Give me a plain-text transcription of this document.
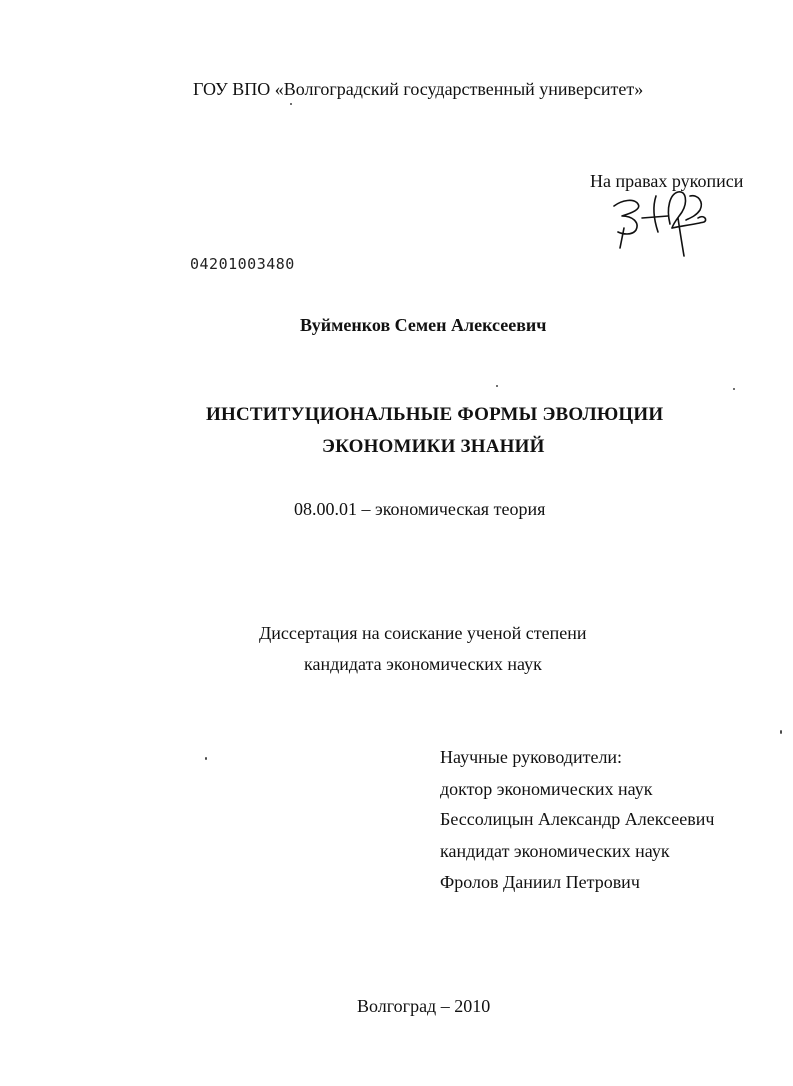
ГОУ ВПО «Волгоградский государственный университет»
На правах рукописи
04201003480
Вуйменков Семен Алексеевич
ИНСТИТУЦИОНАЛЬНЫЕ ФОРМЫ ЭВОЛЮЦИИ
ЭКОНОМИКИ ЗНАНИЙ
08.00.01 – экономическая теория
Диссертация на соискание ученой степени
кандидата экономических наук
Научные руководители:
доктор экономических наук
Бессолицын Александр Алексеевич
кандидат экономических наук
Фролов Даниил Петрович
Волгоград – 2010
